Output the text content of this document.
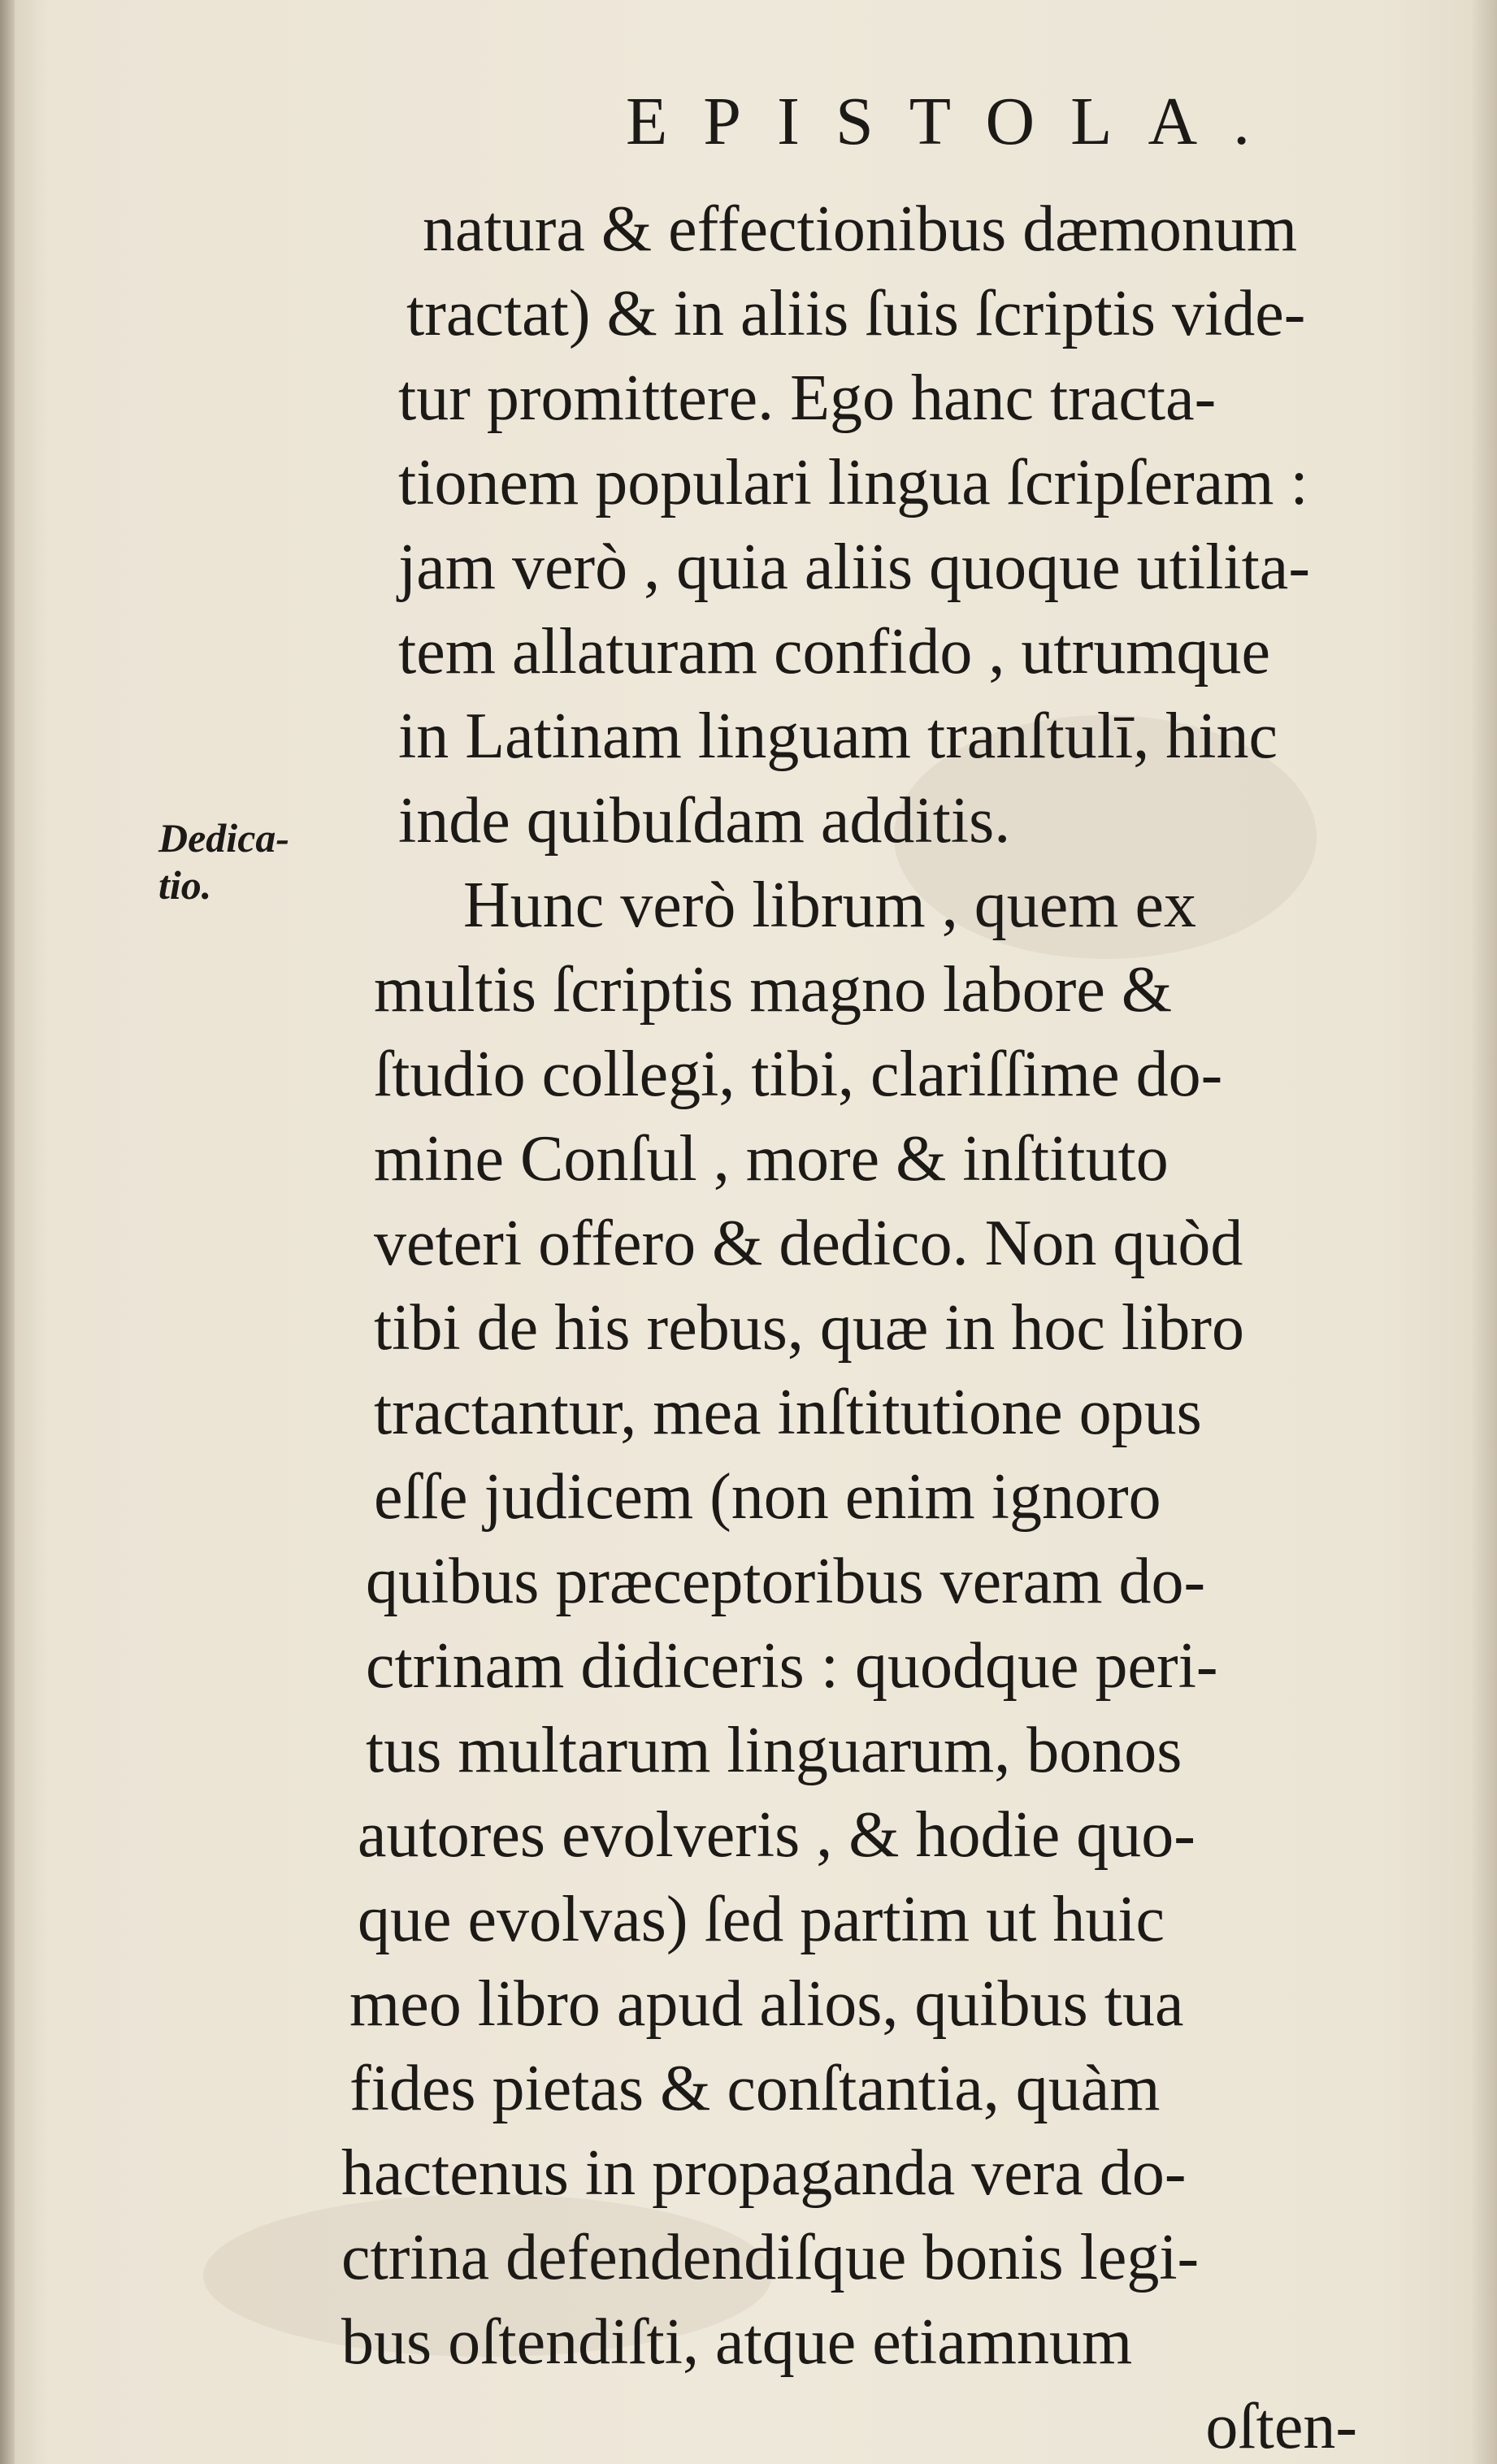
EPISTOLA.
Dedica-
tio.
natura & effectionibus dæmonum
tractat) & in aliis ſuis ſcriptis vide-
tur promittere. Ego hanc tracta-
tionem populari lingua ſcripſeram :
jam verò , quia aliis quoque utilita-
tem allaturam confido , utrumque
in Latinam linguam tranſtulī, hinc
inde quibuſdam additis.
Hunc verò librum , quem ex
multis ſcriptis magno labore &
ſtudio collegi, tibi, clariſſime do-
mine Conſul , more & inſtituto
veteri offero & dedico. Non quòd
tibi de his rebus, quæ in hoc libro
tractantur, mea inſtitutione opus
eſſe judicem (non enim ignoro
quibus præceptoribus veram do-
ctrinam didiceris : quodque peri-
tus multarum linguarum, bonos
autores evolveris , & hodie quo-
que evolvas) ſed partim ut huic
meo libro apud alios, quibus tua
fides pietas & conſtantia, quàm
hactenus in propaganda vera do-
ctrina defendendiſque bonis legi-
bus oſtendiſti, atque etiamnum
oſten-
